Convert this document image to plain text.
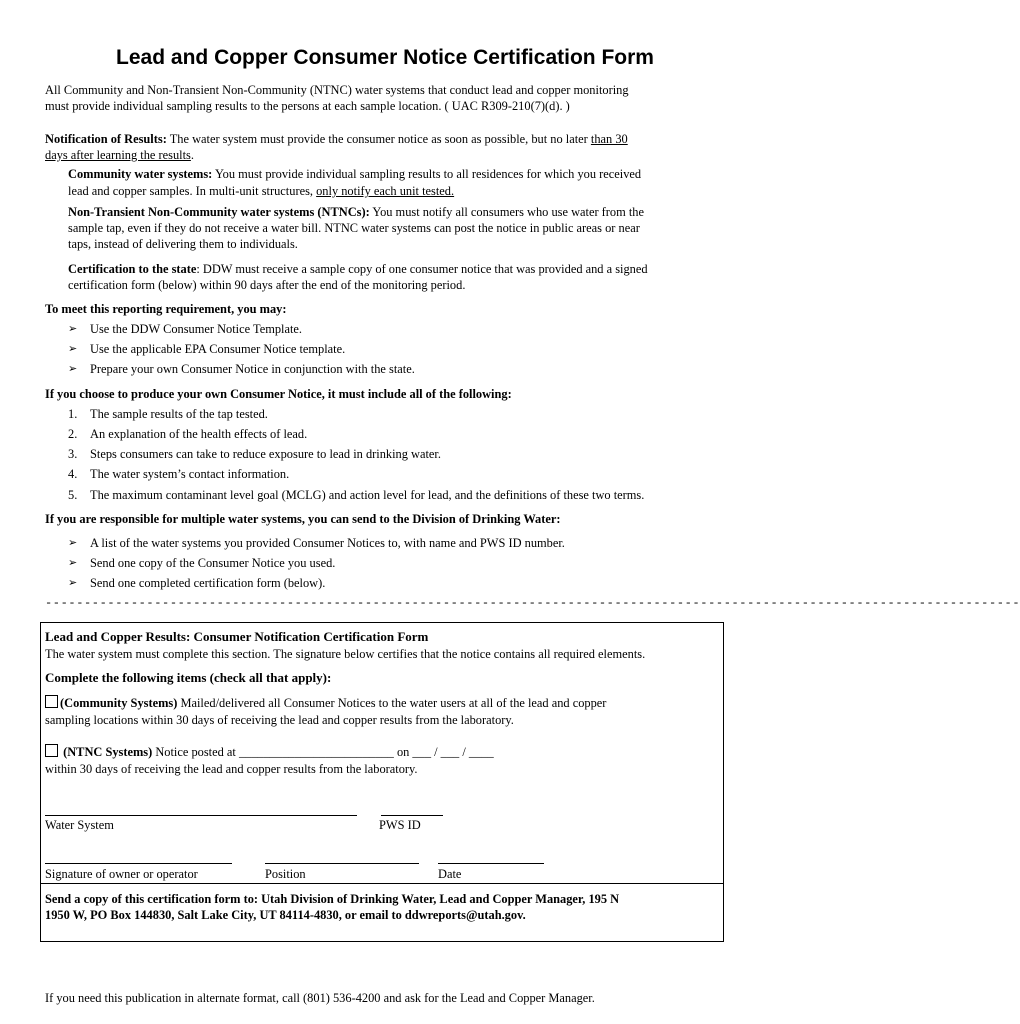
Lead and Copper Consumer Notice Certification Form
All Community and Non-Transient Non-Community (NTNC) water systems that conduct lead and copper monitoring
must provide individual sampling results to the persons at each sample location. ( UAC R309-210(7)(d). )
Notification of Results: The water system must provide the consumer notice as soon as possible, but no later than 30
days after learning the results.
Community water systems: You must provide individual sampling results to all residences for which you received
lead and copper samples. In multi-unit structures, only notify each unit tested.
Non-Transient Non-Community water systems (NTNCs): You must notify all consumers who use water from the
sample tap, even if they do not receive a water bill. NTNC water systems can post the notice in public areas or near
taps, instead of delivering them to individuals.
Certification to the state: DDW must receive a sample copy of one consumer notice that was provided and a signed
certification form (below) within 90 days after the end of the monitoring period.
To meet this reporting requirement, you may:
➢ Use the DDW Consumer Notice Template.
➢ Use the applicable EPA Consumer Notice template.
➢ Prepare your own Consumer Notice in conjunction with the state.
If you choose to produce your own Consumer Notice, it must include all of the following:
1. The sample results of the tap tested.
2. An explanation of the health effects of lead.
3. Steps consumers can take to reduce exposure to lead in drinking water.
4. The water system’s contact information.
5. The maximum contaminant level goal (MCLG) and action level for lead, and the definitions of these two terms.
If you are responsible for multiple water systems, you can send to the Division of Drinking Water:
➢ A list of the water systems you provided Consumer Notices to, with name and PWS ID number.
➢ Send one copy of the Consumer Notice you used.
➢ Send one completed certification form (below).
-----------------------------------------------------------------------------------------------------------------------------
Lead and Copper Results: Consumer Notification Certification Form
The water system must complete this section. The signature below certifies that the notice contains all required elements.
Complete the following items (check all that apply):
(Community Systems) Mailed/delivered all Consumer Notices to the water users at all of the lead and copper
sampling locations within 30 days of receiving the lead and copper results from the laboratory.
(NTNC Systems) Notice posted at _________________________ on ___ / ___ / ____
within 30 days of receiving the lead and copper results from the laboratory.
Water System	PWS ID
Signature of owner or operator	Position	Date
Send a copy of this certification form to: Utah Division of Drinking Water, Lead and Copper Manager, 195 N
1950 W, PO Box 144830, Salt Lake City, UT 84114-4830, or email to ddwreports@utah.gov.
If you need this publication in alternate format, call (801) 536-4200 and ask for the Lead and Copper Manager.
